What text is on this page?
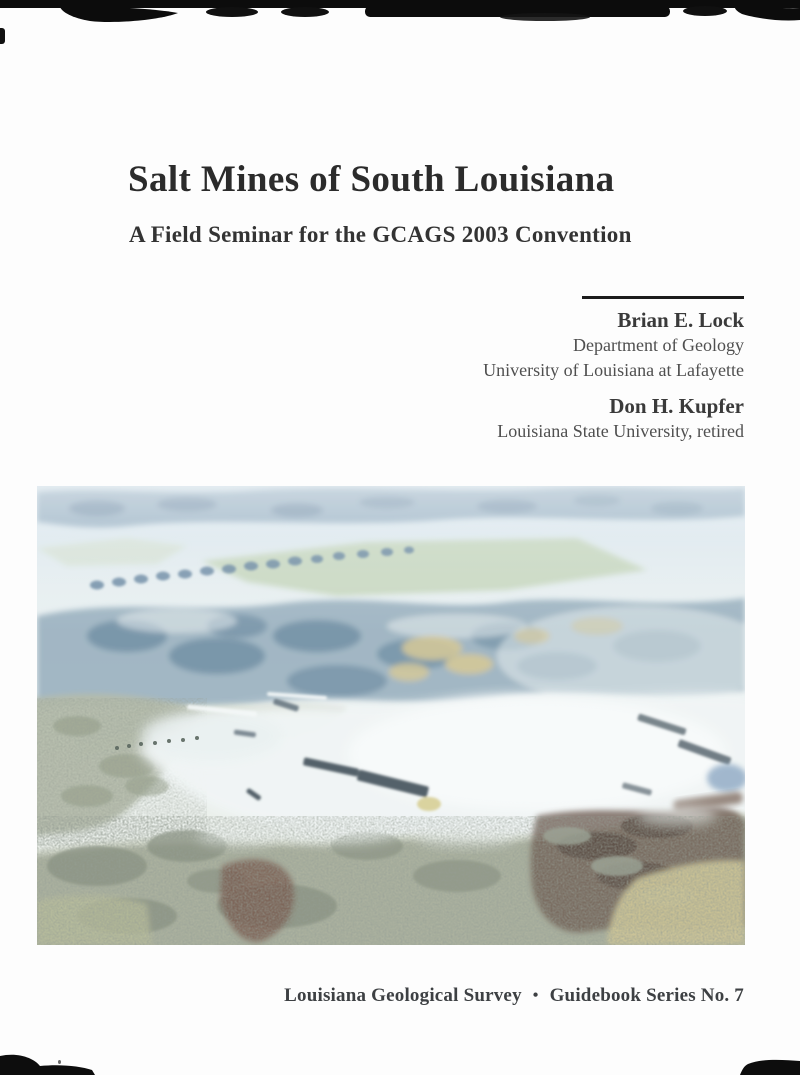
Salt Mines of South Louisiana
A Field Seminar for the GCAGS 2003 Convention
Brian E. Lock
Department of Geology
University of Louisiana at Lafayette
Don H. Kupfer
Louisiana State University, retired
Louisiana Geological Survey • Guidebook Series No. 7
